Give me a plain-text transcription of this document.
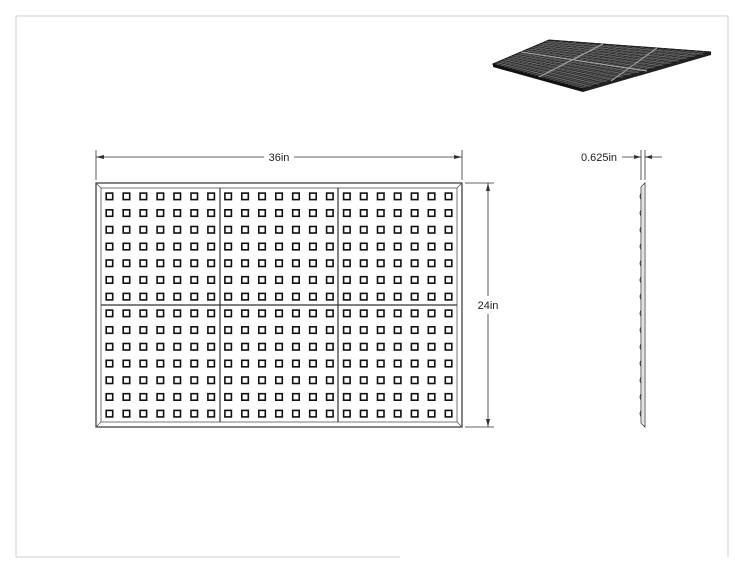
36in
24in
0.625in
